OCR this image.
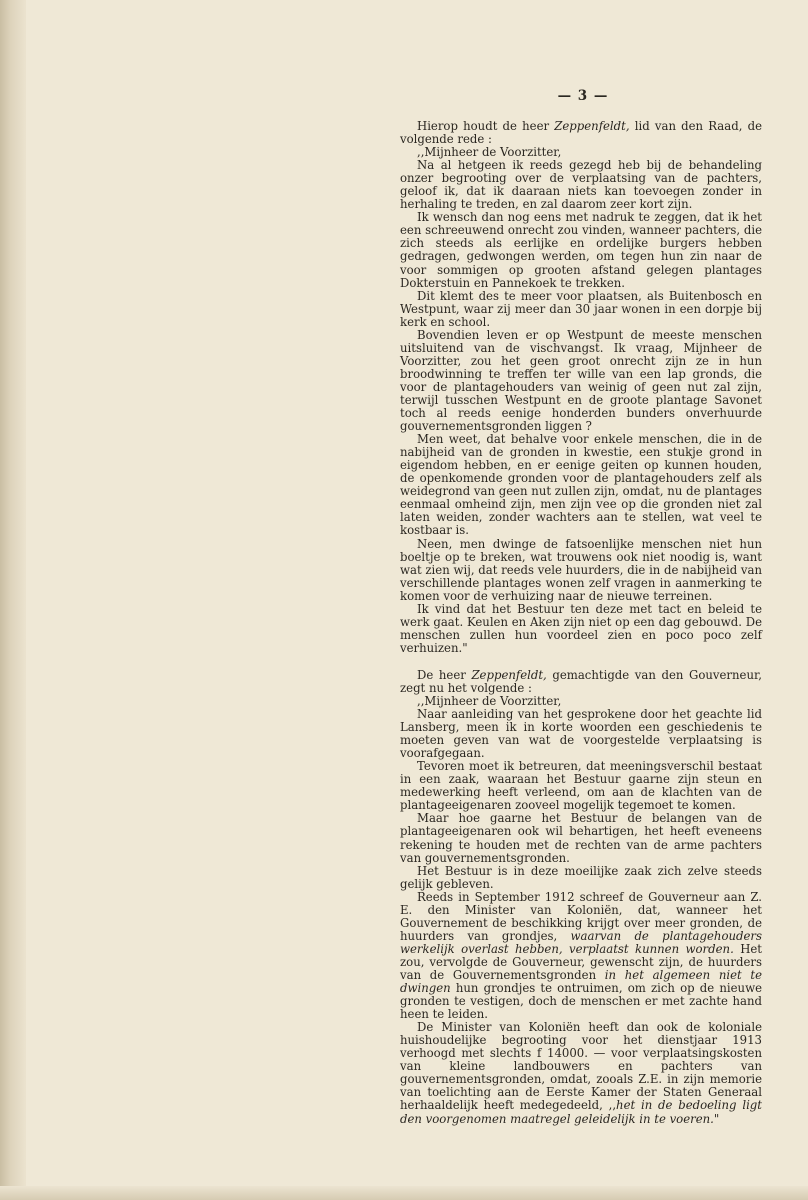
— 3 —

Hierop houdt de heer Zeppenfeldt, lid van den Raad, de volgende rede :

,,Mijnheer de Voorzitter,

Na al hetgeen ik reeds gezegd heb bij de behandeling onzer begrooting over de verplaatsing van de pachters, geloof ik, dat ik daaraan niets kan toevoegen zonder in herhaling te treden, en zal daarom zeer kort zijn.

Ik wensch dan nog eens met nadruk te zeggen, dat ik het een schreeuwend onrecht zou vinden, wanneer pachters, die zich steeds als eerlijke en ordelijke burgers hebben gedragen, gedwongen werden, om tegen hun zin naar de voor sommigen op grooten afstand gelegen plantages Dokterstuin en Pannekoek te trekken.

Dit klemt des te meer voor plaatsen, als Buitenbosch en Westpunt, waar zij meer dan 30 jaar wonen in een dorpje bij kerk en school.

Bovendien leven er op Westpunt de meeste menschen uitsluitend van de vischvangst. Ik vraag, Mijnheer de Voorzitter, zou het geen groot onrecht zijn ze in hun broodwinning te treffen ter wille van een lap gronds, die voor de plantagehouders van weinig of geen nut zal zijn, terwijl tusschen Westpunt en de groote plantage Savonet toch al reeds eenige honderden bunders onverhuurde gouvernementsgronden liggen ?

Men weet, dat behalve voor enkele menschen, die in de nabijheid van de gronden in kwestie, een stukje grond in eigendom hebben, en er eenige geiten op kunnen houden, de openkomende gronden voor de plantagehouders zelf als weidegrond van geen nut zullen zijn, omdat, nu de plantages eenmaal omheind zijn, men zijn vee op die gronden niet zal laten weiden, zonder wachters aan te stellen, wat veel te kostbaar is.

Neen, men dwinge de fatsoenlijke menschen niet hun boeltje op te breken, wat trouwens ook niet noodig is, want wat zien wij, dat reeds vele huurders, die in de nabijheid van verschillende plantages wonen zelf vragen in aanmerking te komen voor de verhuizing naar de nieuwe terreinen.

Ik vind dat het Bestuur ten deze met tact en beleid te werk gaat. Keulen en Aken zijn niet op een dag gebouwd. De menschen zullen hun voordeel zien en poco poco zelf verhuizen."

De heer Zeppenfeldt, gemachtigde van den Gouverneur, zegt nu het volgende :

,,Mijnheer de Voorzitter,

Naar aanleiding van het gesprokene door het geachte lid Lansberg, meen ik in korte woorden een geschiedenis te moeten geven van wat de voorgestelde verplaatsing is voorafgegaan.

Tevoren moet ik betreuren, dat meeningsverschil bestaat in een zaak, waaraan het Bestuur gaarne zijn steun en medewerking heeft verleend, om aan de klachten van de plantageeigenaren zooveel mogelijk tegemoet te komen.

Maar hoe gaarne het Bestuur de belangen van de plantageeigenaren ook wil behartigen, het heeft eveneens rekening te houden met de rechten van de arme pachters van gouvernementsgronden.

Het Bestuur is in deze moeilijke zaak zich zelve steeds gelijk gebleven.

Reeds in September 1912 schreef de Gouverneur aan Z. E. den Minister van Koloniën, dat, wanneer het Gouvernement de beschikking krijgt over meer gronden, de huurders van grondjes, waarvan de plantagehouders werkelijk overlast hebben, verplaatst kunnen worden. Het zou, vervolgde de Gouverneur, gewenscht zijn, de huurders van de Gouvernementsgronden in het algemeen niet te dwingen hun grondjes te ontruimen, om zich op de nieuwe gronden te vestigen, doch de menschen er met zachte hand heen te leiden.

De Minister van Koloniën heeft dan ook de koloniale huishoudelijke begrooting voor het dienstjaar 1913 verhoogd met slechts f 14000. — voor verplaatsingskosten van kleine landbouwers en pachters van gouvernementsgronden, omdat, zooals Z.E. in zijn memorie van toelichting aan de Eerste Kamer der Staten Generaal herhaaldelijk heeft medegedeeld, ,,het in de bedoeling ligt den voorgenomen maatregel geleidelijk in te voeren."
